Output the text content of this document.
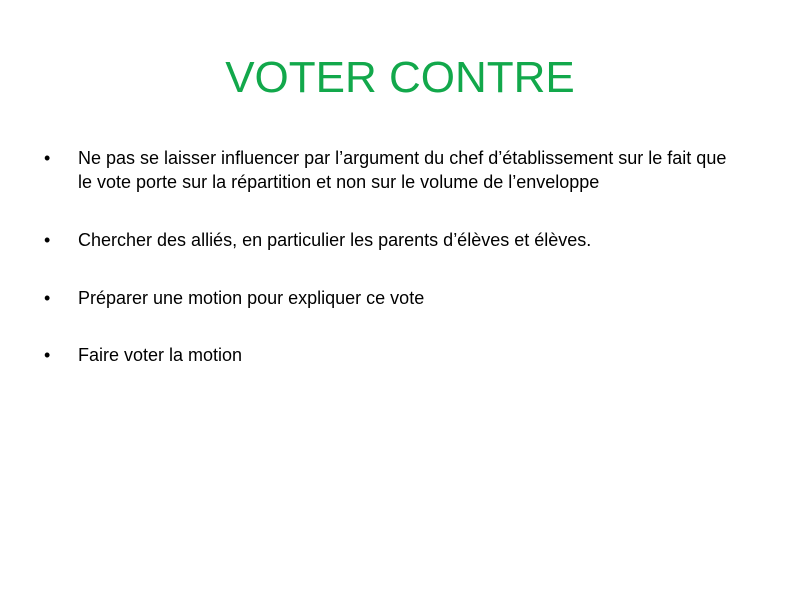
VOTER CONTRE
•	Ne pas se laisser influencer par l’argument du chef d’établissement sur le fait que le vote porte sur la répartition et non sur le volume de l’enveloppe
•	Chercher des alliés, en particulier les parents d’élèves et élèves.
•	Préparer une motion pour expliquer ce vote
•	Faire voter la motion
